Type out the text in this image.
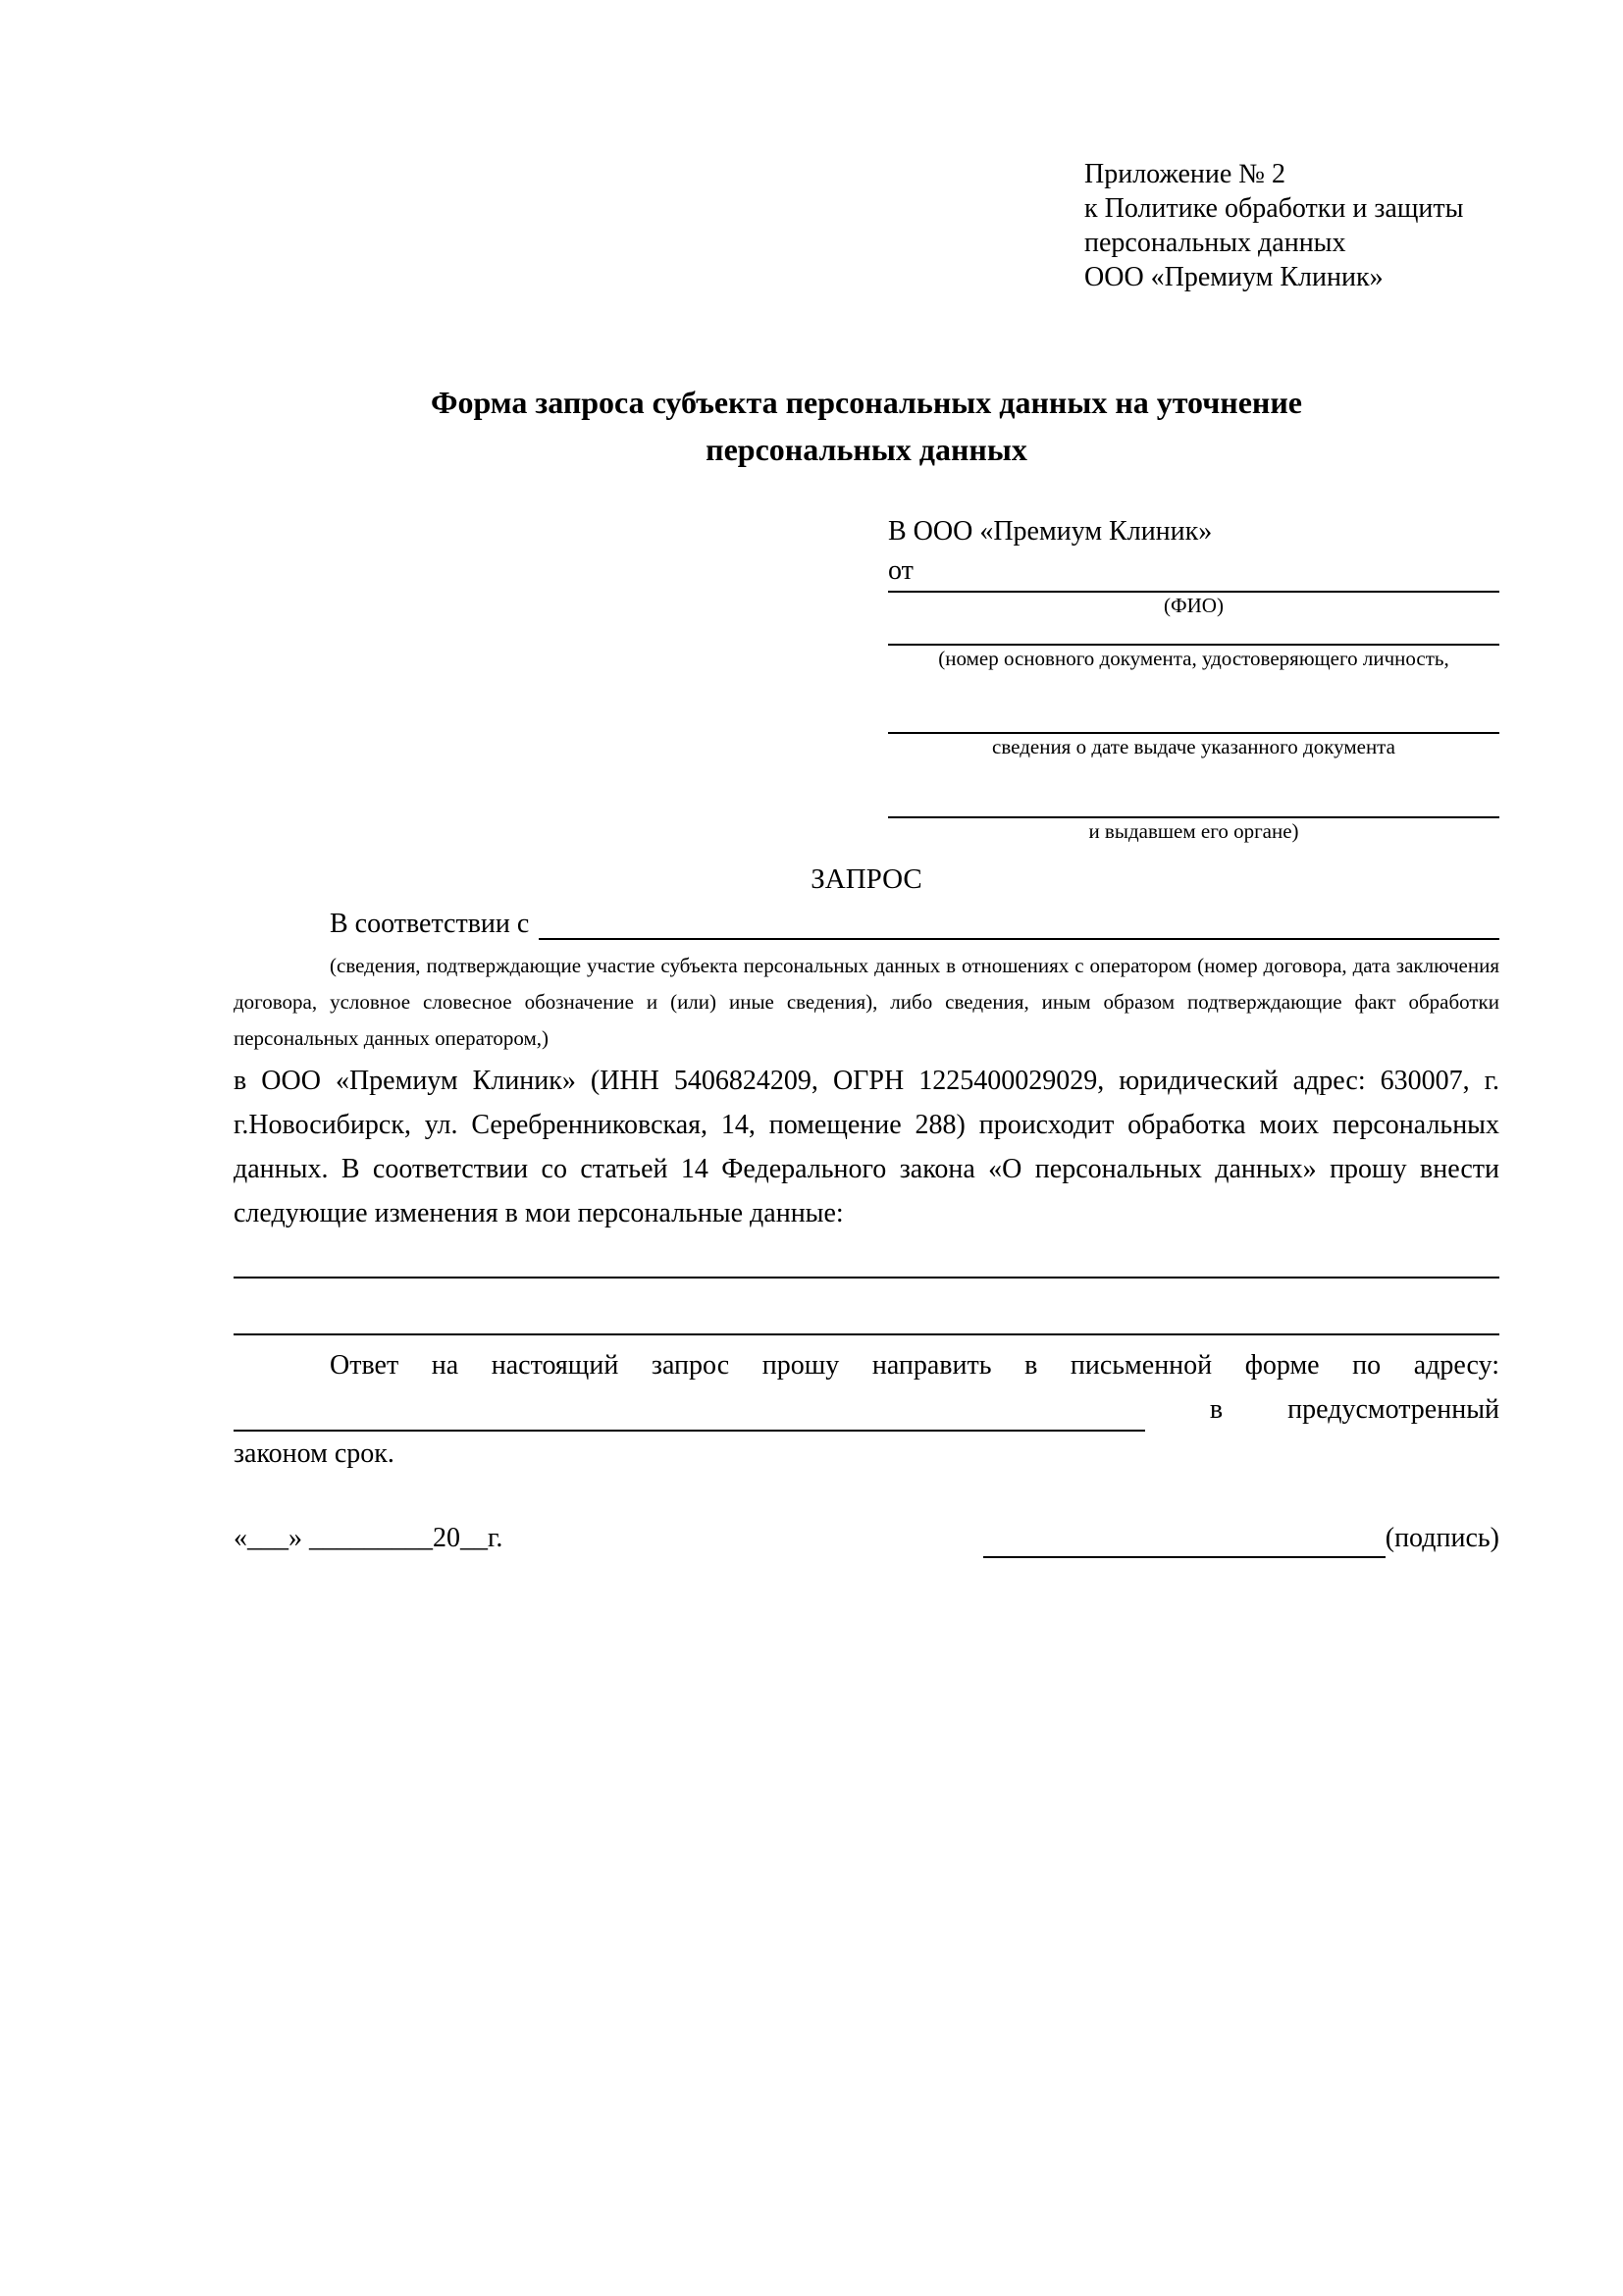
Приложение № 2
к Политике обработки и защиты
персональных данных
ООО «Премиум Клиник»
Форма запроса субъекта персональных данных на уточнение
персональных данных
В ООО «Премиум Клиник»
от
(ФИО)
(номер основного документа, удостоверяющего личность,
сведения о дате выдаче указанного документа
и выдавшем его органе)
ЗАПРОС
В соответствии с
(сведения, подтверждающие участие субъекта персональных данных в отношениях с оператором (номер договора, дата заключения договора, условное словесное обозначение и (или) иные сведения), либо сведения, иным образом подтверждающие факт обработки персональных данных оператором,)
в ООО «Премиум Клиник» (ИНН 5406824209, ОГРН 1225400029029, юридический адрес: 630007, г. г.Новосибирск, ул. Серебренниковская, 14, помещение 288) происходит обработка моих персональных данных. В соответствии со статьей 14 Федерального закона «О персональных данных» прошу внести следующие изменения в мои персональные данные:
Ответ на настоящий запрос прошу направить в письменной форме по адресу:
в предусмотренный
законом срок.
«___» _________20__г.	(подпись)
